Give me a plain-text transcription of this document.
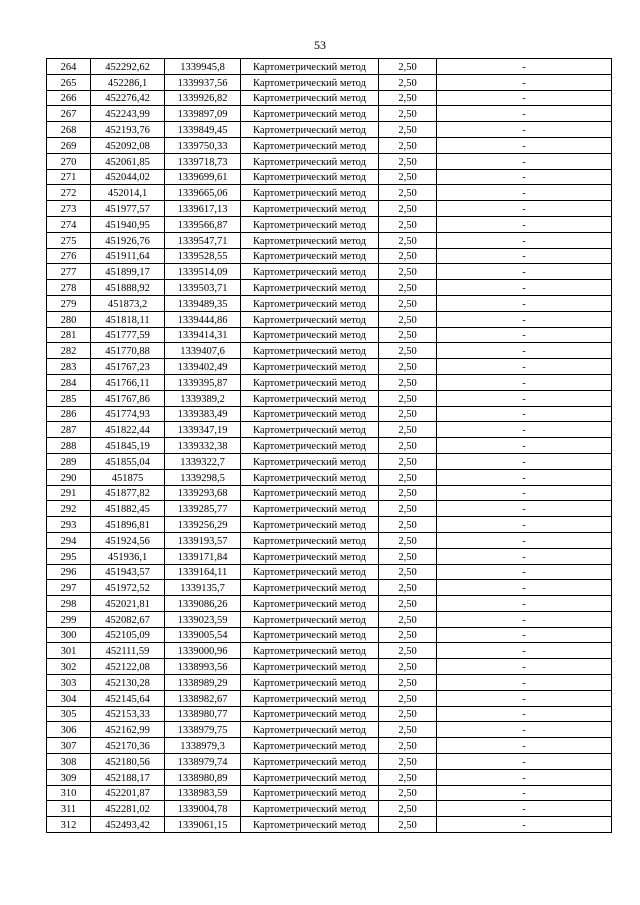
53
264	452292,62	1339945,8	Картометрический метод	2,50	-
265	452286,1	1339937,56	Картометрический метод	2,50	-
266	452276,42	1339926,82	Картометрический метод	2,50	-
267	452243,99	1339897,09	Картометрический метод	2,50	-
268	452193,76	1339849,45	Картометрический метод	2,50	-
269	452092,08	1339750,33	Картометрический метод	2,50	-
270	452061,85	1339718,73	Картометрический метод	2,50	-
271	452044,02	1339699,61	Картометрический метод	2,50	-
272	452014,1	1339665,06	Картометрический метод	2,50	-
273	451977,57	1339617,13	Картометрический метод	2,50	-
274	451940,95	1339566,87	Картометрический метод	2,50	-
275	451926,76	1339547,71	Картометрический метод	2,50	-
276	451911,64	1339528,55	Картометрический метод	2,50	-
277	451899,17	1339514,09	Картометрический метод	2,50	-
278	451888,92	1339503,71	Картометрический метод	2,50	-
279	451873,2	1339489,35	Картометрический метод	2,50	-
280	451818,11	1339444,86	Картометрический метод	2,50	-
281	451777,59	1339414,31	Картометрический метод	2,50	-
282	451770,88	1339407,6	Картометрический метод	2,50	-
283	451767,23	1339402,49	Картометрический метод	2,50	-
284	451766,11	1339395,87	Картометрический метод	2,50	-
285	451767,86	1339389,2	Картометрический метод	2,50	-
286	451774,93	1339383,49	Картометрический метод	2,50	-
287	451822,44	1339347,19	Картометрический метод	2,50	-
288	451845,19	1339332,38	Картометрический метод	2,50	-
289	451855,04	1339322,7	Картометрический метод	2,50	-
290	451875	1339298,5	Картометрический метод	2,50	-
291	451877,82	1339293,68	Картометрический метод	2,50	-
292	451882,45	1339285,77	Картометрический метод	2,50	-
293	451896,81	1339256,29	Картометрический метод	2,50	-
294	451924,56	1339193,57	Картометрический метод	2,50	-
295	451936,1	1339171,84	Картометрический метод	2,50	-
296	451943,57	1339164,11	Картометрический метод	2,50	-
297	451972,52	1339135,7	Картометрический метод	2,50	-
298	452021,81	1339086,26	Картометрический метод	2,50	-
299	452082,67	1339023,59	Картометрический метод	2,50	-
300	452105,09	1339005,54	Картометрический метод	2,50	-
301	452111,59	1339000,96	Картометрический метод	2,50	-
302	452122,08	1338993,56	Картометрический метод	2,50	-
303	452130,28	1338989,29	Картометрический метод	2,50	-
304	452145,64	1338982,67	Картометрический метод	2,50	-
305	452153,33	1338980,77	Картометрический метод	2,50	-
306	452162,99	1338979,75	Картометрический метод	2,50	-
307	452170,36	1338979,3	Картометрический метод	2,50	-
308	452180,56	1338979,74	Картометрический метод	2,50	-
309	452188,17	1338980,89	Картометрический метод	2,50	-
310	452201,87	1338983,59	Картометрический метод	2,50	-
311	452281,02	1339004,78	Картометрический метод	2,50	-
312	452493,42	1339061,15	Картометрический метод	2,50	-
